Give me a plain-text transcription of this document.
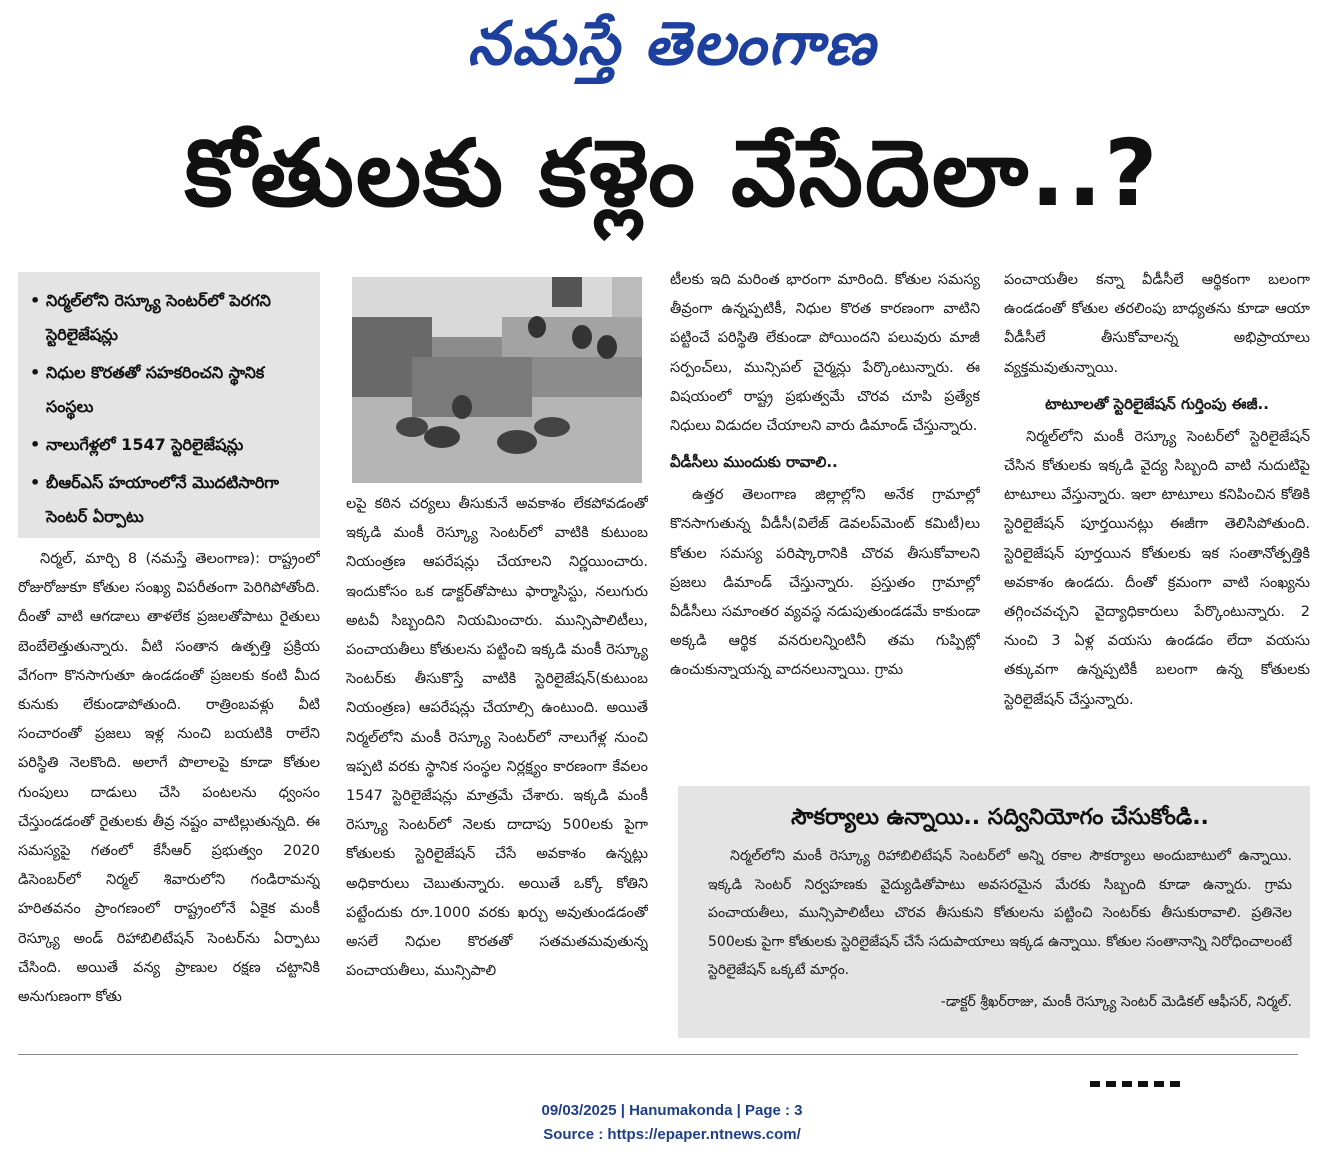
నమస్తే తెలంగాణ
కోతులకు కళ్లెం వేసేదెలా..?
• నిర్మల్‌లోని రెస్క్యూ సెంటర్‌లో పెరగని స్టెరిలైజేషన్లు
• నిధుల కొరతతో సహకరించని స్థానిక సంస్థలు
• నాలుగేళ్లలో 1547 స్టెరిలైజేషన్లు
• బీఆర్‌ఎస్ హయాంలోనే మొదటిసారిగా సెంటర్ ఏర్పాటు

నిర్మల్, మార్చి 8 (నమస్తే తెలంగాణ): రాష్ట్రంలో రోజురోజుకూ కోతుల సంఖ్య విపరీతంగా పెరిగిపోతోంది. దీంతో వాటి ఆగడాలు తాళలేక ప్రజలతోపాటు రైతులు బెంబేలెత్తుతున్నారు. వీటి సంతాన ఉత్పత్తి ప్రక్రియ వేగంగా కొనసాగుతూ ఉండడంతో ప్రజలకు కంటి మీద కునుకు లేకుండాపోతుంది. రాత్రింబవళ్లు వీటి సంచారంతో ప్రజలు ఇళ్ల నుంచి బయటికి రాలేని పరిస్థితి నెలకొంది. అలాగే పొలాలపై కూడా కోతుల గుంపులు దాడులు చేసి పంటలను ధ్వంసం చేస్తుండడంతో రైతులకు తీవ్ర నష్టం వాటిల్లుతున్నది. ఈ సమస్యపై గతంలో కేసీఆర్ ప్రభుత్వం 2020 డిసెంబర్‌లో నిర్మల్ శివారులోని గండిరామన్న హరితవనం ప్రాంగణంలో రాష్ట్రంలోనే ఏకైక మంకీ రెస్క్యూ అండ్ రిహాబిలిటేషన్ సెంటర్‌ను ఏర్పాటు చేసింది. అయితే వన్య ప్రాణుల రక్షణ చట్టానికి అనుగుణంగా కోతు

లపై కఠిన చర్యలు తీసుకునే అవకాశం లేకపోవడంతో ఇక్కడి మంకీ రెస్క్యూ సెంటర్‌లో వాటికి కుటుంబ నియంత్రణ ఆపరేషన్లు చేయాలని నిర్ణయించారు. ఇందుకోసం ఒక డాక్టర్‌తోపాటు ఫార్మాసిస్టు, నలుగురు అటవీ సిబ్బందిని నియమించారు. మున్సిపాలిటీలు, పంచాయతీలు కోతులను పట్టించి ఇక్కడి మంకీ రెస్క్యూ సెంటర్‌కు తీసుకొస్తే వాటికి స్టెరిలైజేషన్(కుటుంబ నియంత్రణ) ఆపరేషన్లు చేయాల్సి ఉంటుంది. అయితే నిర్మల్‌లోని మంకీ రెస్క్యూ సెంటర్‌లో నాలుగేళ్ల నుంచి ఇప్పటి వరకు స్థానిక సంస్థల నిర్లక్ష్యం కారణంగా కేవలం 1547 స్టెరిలైజేషన్లు మాత్రమే చేశారు. ఇక్కడి మంకీ రెస్క్యూ సెంటర్‌లో నెలకు దాదాపు 500లకు పైగా కోతులకు స్టెరిలైజేషన్ చేసే అవకాశం ఉన్నట్లు అధికారులు చెబుతున్నారు. అయితే ఒక్కో కోతిని పట్టేందుకు రూ.1000 వరకు ఖర్చు అవుతుండడంతో అసలే నిధుల కొరతతో సతమతమవుతున్న పంచాయతీలు, మున్సిపాలి

టీలకు ఇది మరింత భారంగా మారింది. కోతుల సమస్య తీవ్రంగా ఉన్నప్పటికీ, నిధుల కొరత కారణంగా వాటిని పట్టించే పరిస్థితి లేకుండా పోయిందని పలువురు మాజీ సర్పంచ్‌లు, మున్సిపల్ చైర్మన్లు పేర్కొంటున్నారు. ఈ విషయంలో రాష్ట్ర ప్రభుత్వమే చొరవ చూపి ప్రత్యేక నిధులు విడుదల చేయాలని వారు డిమాండ్ చేస్తున్నారు.

వీడీసీలు ముందుకు రావాలి..

ఉత్తర తెలంగాణ జిల్లాల్లోని అనేక గ్రామాల్లో కొనసాగుతున్న వీడీసీ(విలేజ్ డెవలప్‌మెంట్ కమిటీ)లు కోతుల సమస్య పరిష్కారానికి చొరవ తీసుకోవాలని ప్రజలు డిమాండ్ చేస్తున్నారు. ప్రస్తుతం గ్రామాల్లో వీడీసీలు సమాంతర వ్యవస్థ నడుపుతుండడమే కాకుండా అక్కడి ఆర్థిక వనరులన్నింటినీ తమ గుప్పిట్లో ఉంచుకున్నాయన్న వాదనలున్నాయి. గ్రామ

పంచాయతీల కన్నా వీడీసీలే ఆర్థికంగా బలంగా ఉండడంతో కోతుల తరలింపు బాధ్యతను కూడా ఆయా వీడీసీలే తీసుకోవాలన్న అభిప్రాయాలు వ్యక్తమవుతున్నాయి.

టాటూలతో స్టెరిలైజేషన్ గుర్తింపు ఈజీ..

నిర్మల్‌లోని మంకీ రెస్క్యూ సెంటర్‌లో స్టెరిలైజేషన్ చేసిన కోతులకు ఇక్కడి వైద్య సిబ్బంది వాటి నుదుటిపై టాటూలు వేస్తున్నారు. ఇలా టాటూలు కనిపించిన కోతికి స్టెరిలైజేషన్ పూర్తయినట్లు ఈజీగా తెలిసిపోతుంది. స్టెరిలైజేషన్ పూర్తయిన కోతులకు ఇక సంతానోత్పత్తికి అవకాశం ఉండదు. దీంతో క్రమంగా వాటి సంఖ్యను తగ్గించవచ్చని వైద్యాధికారులు పేర్కొంటున్నారు. 2 నుంచి 3 ఏళ్ల వయసు ఉండడం లేదా వయసు తక్కువగా ఉన్నప్పటికీ బలంగా ఉన్న కోతులకు స్టెరిలైజేషన్ చేస్తున్నారు.

సౌకర్యాలు ఉన్నాయి.. సద్వినియోగం చేసుకోండి..
నిర్మల్‌లోని మంకీ రెస్క్యూ రిహాబిలిటేషన్ సెంటర్‌లో అన్ని రకాల సౌకర్యాలు అందుబాటులో ఉన్నాయి. ఇక్కడి సెంటర్ నిర్వహణకు వైద్యుడితోపాటు అవసరమైన మేరకు సిబ్బంది కూడా ఉన్నారు. గ్రామ పంచాయతీలు, మున్సిపాలిటీలు చొరవ తీసుకుని కోతులను పట్టించి సెంటర్‌కు తీసుకురావాలి. ప్రతినెల 500లకు పైగా కోతులకు స్టెరిలైజేషన్ చేసే సదుపాయాలు ఇక్కడ ఉన్నాయి. కోతుల సంతానాన్ని నిరోధించాలంటే స్టెరిలైజేషన్ ఒక్కటే మార్గం.
-డాక్టర్ శ్రీఖర్‌రాజు, మంకీ రెస్క్యూ సెంటర్ మెడికల్ ఆఫీసర్, నిర్మల్.
09/03/2025 | Hanumakonda | Page : 3
Source : https://epaper.ntnews.com/
